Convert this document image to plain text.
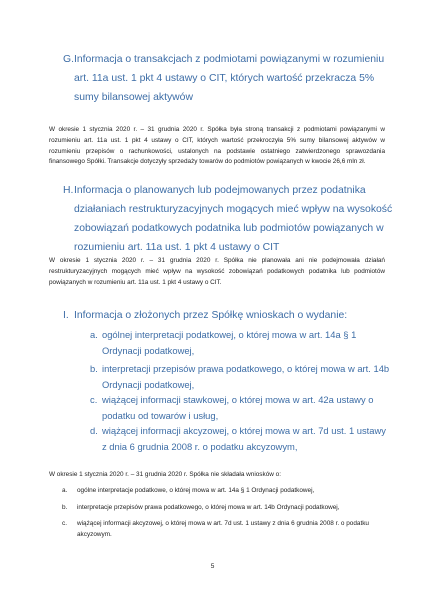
G. Informacja o transakcjach z podmiotami powiązanymi w rozumieniu art. 11a ust. 1 pkt 4 ustawy o CIT, których wartość przekracza 5% sumy bilansowej aktywów
W okresie 1 stycznia 2020 r. – 31 grudnia 2020 r. Spółka była stroną transakcji z podmiotami powiązanymi w rozumieniu art. 11a ust. 1 pkt 4 ustawy o CIT, których wartość przekroczyła 5% sumy bilansowej aktywów w rozumieniu przepisów o rachunkowości, ustalonych na podstawie ostatniego zatwierdzonego sprawozdania finansowego Spółki. Transakcje dotyczyły sprzedaży towarów do podmiotów powiązanych w kwocie 26,6 mln zł.
H. Informacja o planowanych lub podejmowanych przez podatnika działaniach restrukturyzacyjnych mogących mieć wpływ na wysokość zobowiązań podatkowych podatnika lub podmiotów powiązanych w rozumieniu art. 11a ust. 1 pkt 4 ustawy o CIT
W okresie 1 stycznia 2020 r. – 31 grudnia 2020 r. Spółka nie planowała ani nie podejmowała działań restrukturyzacyjnych mogących mieć wpływ na wysokość zobowiązań podatkowych podatnika lub podmiotów powiązanych w rozumieniu art. 11a ust. 1 pkt 4 ustawy o CIT.
I. Informacja o złożonych przez Spółkę wnioskach o wydanie:
a. ogólnej interpretacji podatkowej, o której mowa w art. 14a § 1 Ordynacji podatkowej,
b. interpretacji przepisów prawa podatkowego, o której mowa w art. 14b Ordynacji podatkowej,
c. wiążącej informacji stawkowej, o której mowa w art. 42a ustawy o podatku od towarów i usług,
d. wiążącej informacji akcyzowej, o której mowa w art. 7d ust. 1 ustawy z dnia 6 grudnia 2008 r. o podatku akcyzowym,
W okresie 1 stycznia 2020 r. – 31 grudnia 2020 r. Spółka nie składała wniosków o:
a.	ogólne interpretacje podatkowe, o której mowa w art. 14a § 1 Ordynacji podatkowej,
b.	interpretacje przepisów prawa podatkowego, o której mowa w art. 14b Ordynacji podatkowej,
c.	wiążącej informacji akcyzowej, o której mowa w art. 7d ust. 1 ustawy z dnia 6 grudnia 2008 r. o podatku akcyzowym.
5
